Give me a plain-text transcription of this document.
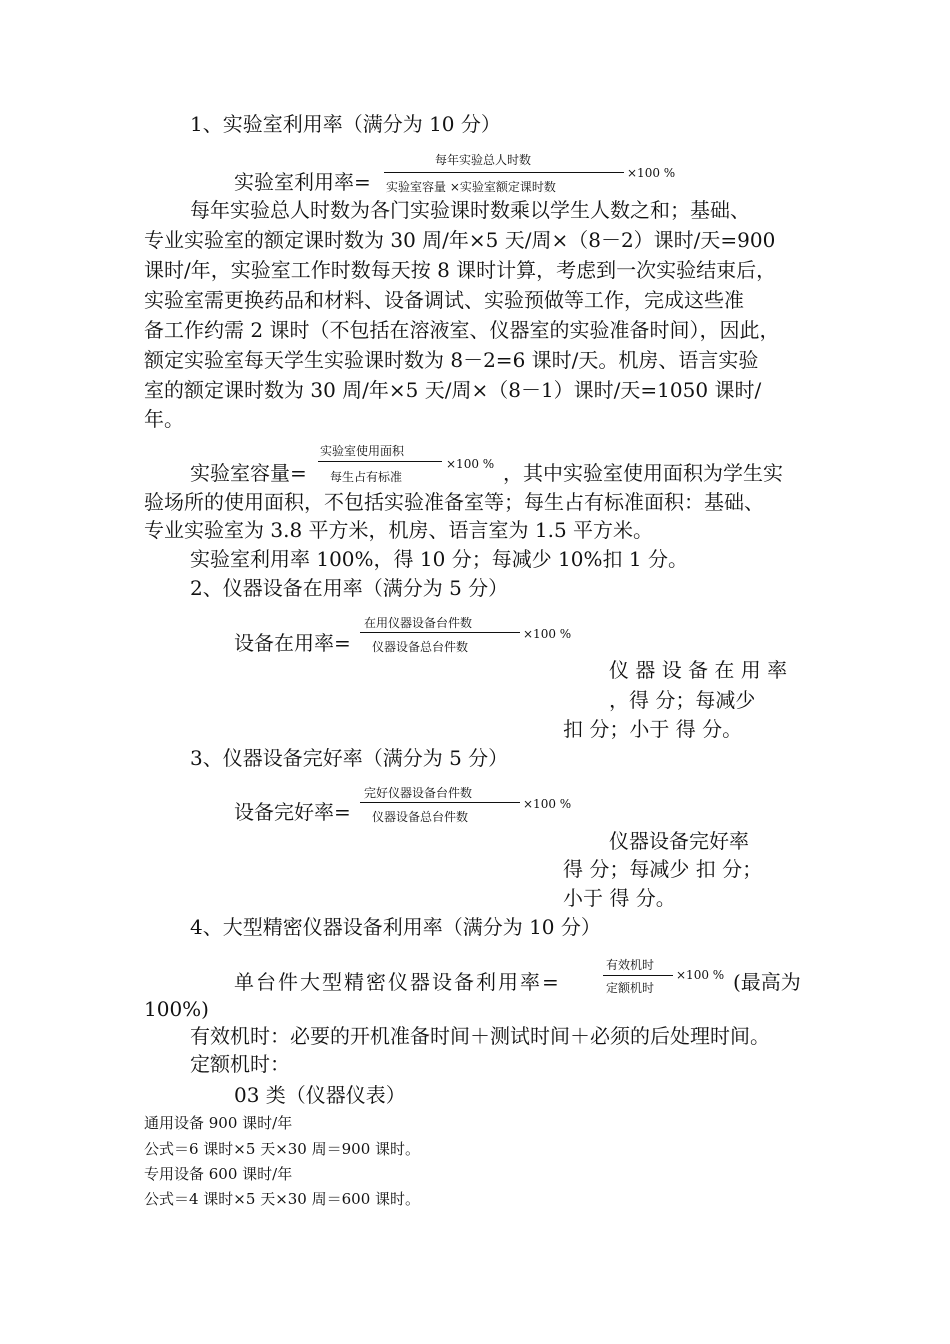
1、实验室利用率（满分为 10 分）
实验室利用率=
每年实验总人时数
实验室容量 ×实验室额定课时数
×100 %
每年实验总人时数为各门实验课时数乘以学生人数之和；基础、
专业实验室的额定课时数为 30 周/年×5 天/周×（8－2）课时/天=900
课时/年，实验室工作时数每天按 8 课时计算，考虑到一次实验结束后，
实验室需更换药品和材料、设备调试、实验预做等工作，完成这些准
备工作约需 2 课时（不包括在溶液室、仪器室的实验准备时间），因此，
额定实验室每天学生实验课时数为 8－2=6 课时/天。机房、语言实验
室的额定课时数为 30 周/年×5 天/周×（8－1）课时/天=1050 课时/
年。
实验室容量=
实验室使用面积
每生占有标准
×100 % ，其中实验室使用面积为学生实
验场所的使用面积，不包括实验准备室等；每生占有标准面积：基础、
专业实验室为 3.8 平方米，机房、语言室为 1.5 平方米。
实验室利用率 100%，得 10 分；每减少 10%扣 1 分。
2、仪器设备在用率（满分为 5 分）
设备在用率=
在用仪器设备台件数
仪器设备总台件数
×100 %
仪 器 设 备 在 用 率
，得 分；每减少
扣 分；小于 得 分。
3、仪器设备完好率（满分为 5 分）
设备完好率=
完好仪器设备台件数
仪器设备总台件数
×100 %
仪器设备完好率
得 分；每减少 扣 分；
小于 得 分。
4、大型精密仪器设备利用率（满分为 10 分）
单台件大型精密仪器设备利用率=
有效机时
定额机时
×100 % (最高为
100%)
有效机时：必要的开机准备时间＋测试时间＋必须的后处理时间。
定额机时：
03 类（仪器仪表）
通用设备 900 课时/年
公式＝6 课时×5 天×30 周＝900 课时。
专用设备 600 课时/年
公式＝4 课时×5 天×30 周＝600 课时。
